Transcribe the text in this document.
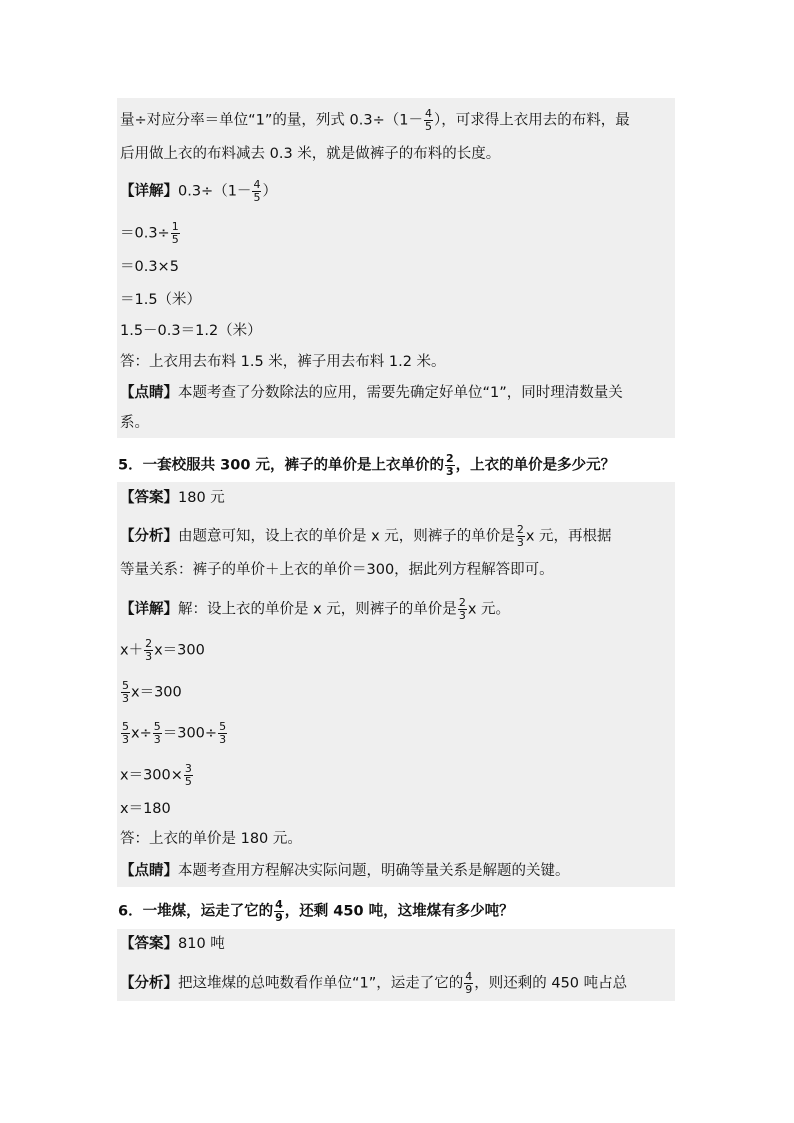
量÷对应分率＝单位“1”的量，列式 $0.3\div(1- \frac{4}{5}$ ），可求得上衣用去的布料，最
后用做上衣的布料减去 0.3 米，就是做裤子的布料的长度。
【详解】$0.3\div(1- \frac{4}{5}$ ）
$=0.3\div \frac{1}{5}$
＝0.3×5
＝1.5（米）
1.5－0.3＝1.2（米）
答：上衣用去布料 1.5 米，裤子用去布料 1.2 米。
【点睛】本题考查了分数除法的应用，需要先确定好单位“1”，同时理清数量关
系。
5．一套校服共 300 元，裤子的单价是上衣单价的 $\frac{2}{3}$ ，上衣的单价是多少元？
【答案】180 元
【分析】由题意可知，设上衣的单价是 x 元，则裤子的单价是 $\frac{2}{3}$ x 元，再根据
等量关系：裤子的单价＋上衣的单价＝300，据此列方程解答即可。
【详解】解：设上衣的单价是 x 元，则裤子的单价是 $\frac{2}{3}$ x 元。
$x+ \frac{2}{3} x=300$
$\frac{5}{3} x=300$
$\frac{5}{3} x\div \frac{5}{3} =300\div \frac{5}{3}$
$x=300\times \frac{3}{5}$
x＝180
答：上衣的单价是 180 元。
【点睛】本题考查用方程解决实际问题，明确等量关系是解题的关键。
6．一堆煤，运走了它的 $\frac{4}{9}$ ，还剩 450 吨，这堆煤有多少吨？
【答案】810 吨
【分析】把这堆煤的总吨数看作单位“1”，运走了它的 $\frac{4}{9}$ ，则还剩的 450 吨占总
